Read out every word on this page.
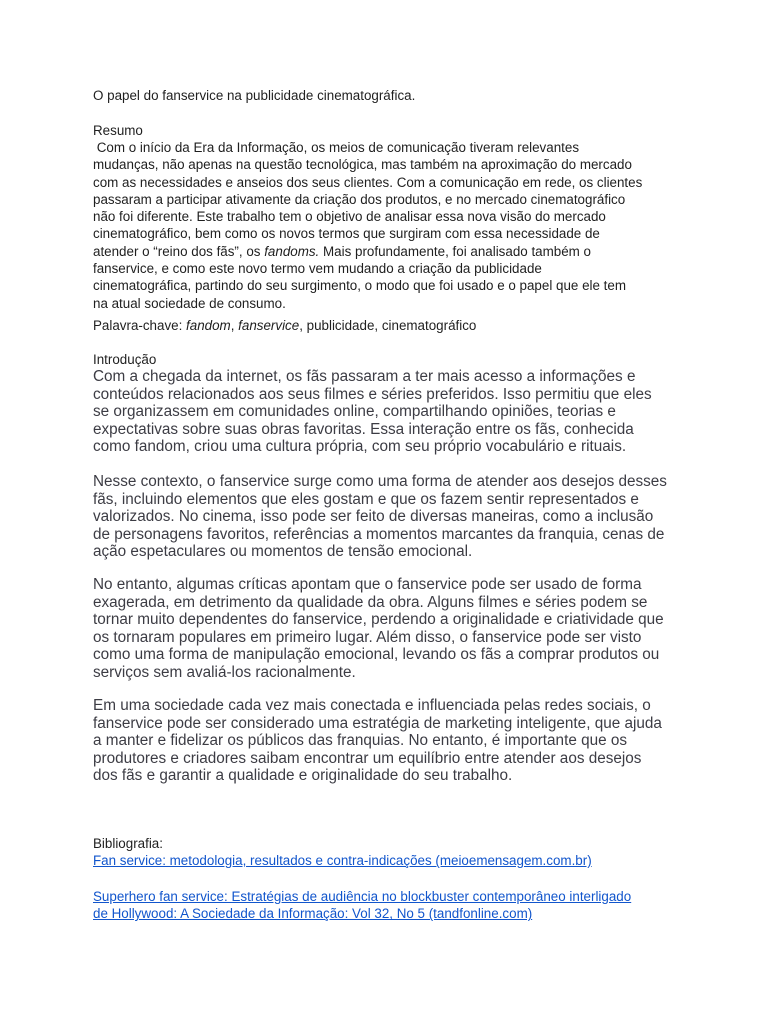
O papel do fanservice na publicidade cinematográfica.

Resumo

Com o início da Era da Informação, os meios de comunicação tiveram relevantes
mudanças, não apenas na questão tecnológica, mas também na aproximação do mercado
com as necessidades e anseios dos seus clientes. Com a comunicação em rede, os clientes
passaram a participar ativamente da criação dos produtos, e no mercado cinematográfico
não foi diferente. Este trabalho tem o objetivo de analisar essa nova visão do mercado
cinematográfico, bem como os novos termos que surgiram com essa necessidade de
atender o “reino dos fãs”, os fandoms. Mais profundamente, foi analisado também o
fanservice, e como este novo termo vem mudando a criação da publicidade
cinematográfica, partindo do seu surgimento, o modo que foi usado e o papel que ele tem
na atual sociedade de consumo.

Palavra-chave: fandom, fanservice, publicidade, cinematográfico

Introdução

Com a chegada da internet, os fãs passaram a ter mais acesso a informações e
conteúdos relacionados aos seus filmes e séries preferidos. Isso permitiu que eles
se organizassem em comunidades online, compartilhando opiniões, teorias e
expectativas sobre suas obras favoritas. Essa interação entre os fãs, conhecida
como fandom, criou uma cultura própria, com seu próprio vocabulário e rituais.
Nesse contexto, o fanservice surge como uma forma de atender aos desejos desses
fãs, incluindo elementos que eles gostam e que os fazem sentir representados e
valorizados. No cinema, isso pode ser feito de diversas maneiras, como a inclusão
de personagens favoritos, referências a momentos marcantes da franquia, cenas de
ação espetaculares ou momentos de tensão emocional.
No entanto, algumas críticas apontam que o fanservice pode ser usado de forma
exagerada, em detrimento da qualidade da obra. Alguns filmes e séries podem se
tornar muito dependentes do fanservice, perdendo a originalidade e criatividade que
os tornaram populares em primeiro lugar. Além disso, o fanservice pode ser visto
como uma forma de manipulação emocional, levando os fãs a comprar produtos ou
serviços sem avaliá-los racionalmente.
Em uma sociedade cada vez mais conectada e influenciada pelas redes sociais, o
fanservice pode ser considerado uma estratégia de marketing inteligente, que ajuda
a manter e fidelizar os públicos das franquias. No entanto, é importante que os
produtores e criadores saibam encontrar um equilíbrio entre atender aos desejos
dos fãs e garantir a qualidade e originalidade do seu trabalho.

Bibliografia:

Fan service: metodologia, resultados e contra-indicações (meioemensagem.com.br)
Superhero fan service: Estratégias de audiência no blockbuster contemporâneo interligado
de Hollywood: A Sociedade da Informação: Vol 32, No 5 (tandfonline.com)
